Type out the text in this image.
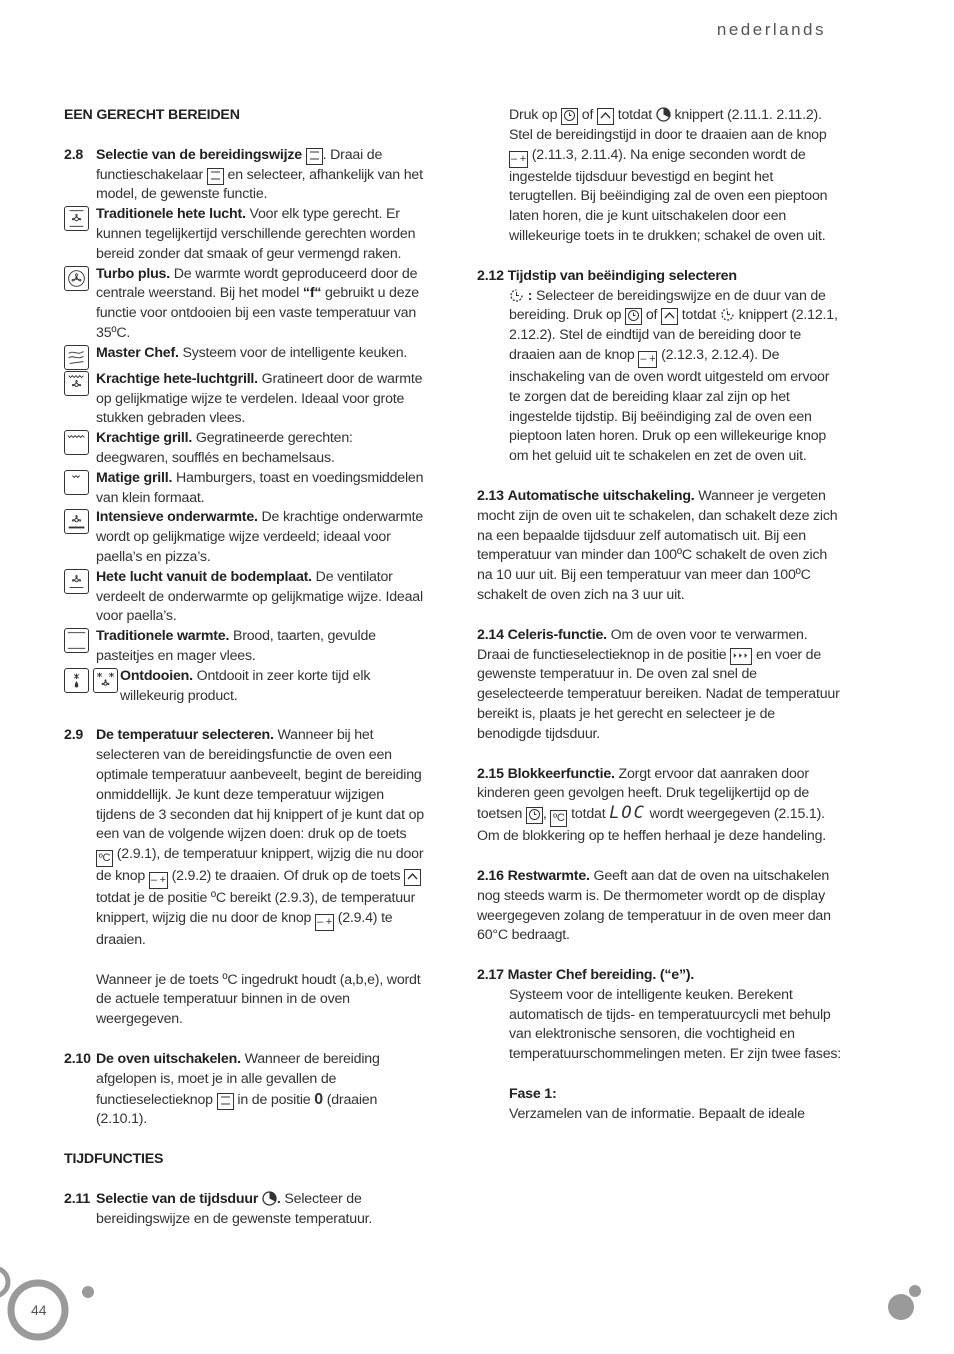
nederlands
44
EEN GERECHT BEREIDEN
2.8 Selectie van de bereidingswijze . Draai de functieschakelaar en selecteer, afhankelijk van het model, de gewenste functie.
Traditionele hete lucht. Voor elk type gerecht. Er kunnen tegelijkertijd verschillende gerechten worden bereid zonder dat smaak of geur vermengd raken.
Turbo plus. De warmte wordt geproduceerd door de centrale weerstand. Bij het model “f“ gebruikt u deze functie voor ontdooien bij een vaste temperatuur van 35ºC.
Master Chef. Systeem voor de intelligente keuken.
Krachtige hete-luchtgrill. Gratineert door de warmte op gelijkmatige wijze te verdelen. Ideaal voor grote stukken gebraden vlees.
Krachtige grill. Gegratineerde gerechten: deegwaren, soufflés en bechamelsaus.
Matige grill. Hamburgers, toast en voedingsmiddelen van klein formaat.
Intensieve onderwarmte. De krachtige onderwarmte wordt op gelijkmatige wijze verdeeld; ideaal voor paella’s en pizza’s.
Hete lucht vanuit de bodemplaat. De ventilator verdeelt de onderwarmte op gelijkmatige wijze. Ideaal voor paella’s.
Traditionele warmte. Brood, taarten, gevulde pasteitjes en mager vlees.
Ontdooien. Ontdooit in zeer korte tijd elk willekeurig product.
2.9 De temperatuur selecteren. Wanneer bij het selecteren van de bereidingsfunctie de oven een optimale temperatuur aanbeveelt, begint de bereiding onmiddellijk. Je kunt deze temperatuur wijzigen tijdens de 3 seconden dat hij knippert of je kunt dat op een van de volgende wijzen doen: druk op de toets ºC (2.9.1), de temperatuur knippert, wijzig die nu door de knop – + (2.9.2) te draaien. Of druk op de toets  totdat je de positie ºC bereikt (2.9.3), de temperatuur knippert, wijzig die nu door de knop – + (2.9.4) te draaien.
Wanneer je de toets ºC ingedrukt houdt (a,b,e), wordt de actuele temperatuur binnen in de oven weergegeven.
2.10 De oven uitschakelen. Wanneer de bereiding afgelopen is, moet je in alle gevallen de functieselectieknop in de positie 0 (draaien (2.10.1).
TIJDFUNCTIES
2.11 Selectie van de tijdsduur . Selecteer de bereidingswijze en de gewenste temperatuur.
Druk op of totdat knippert (2.11.1. 2.11.2). Stel de bereidingstijd in door te draaien aan de knop – + (2.11.3, 2.11.4). Na enige seconden wordt de ingestelde tijdsduur bevestigd en begint het terugtellen. Bij beëindiging zal de oven een pieptoon laten horen, die je kunt uitschakelen door een willekeurige toets in te drukken; schakel de oven uit.
2.12 Tijdstip van beëindiging selecteren
: Selecteer de bereidingswijze en de duur van de bereiding. Druk op of totdat knippert (2.12.1, 2.12.2). Stel de eindtijd van de bereiding door te draaien aan de knop – + (2.12.3, 2.12.4). De inschakeling van de oven wordt uitgesteld om ervoor te zorgen dat de bereiding klaar zal zijn op het ingestelde tijdstip. Bij beëindiging zal de oven een pieptoon laten horen. Druk op een willekeurige knop om het geluid uit te schakelen en zet de oven uit.
2.13 Automatische uitschakeling. Wanneer je vergeten mocht zijn de oven uit te schakelen, dan schakelt deze zich na een bepaalde tijdsduur zelf automatisch uit. Bij een temperatuur van minder dan 100ºC schakelt de oven zich na 10 uur uit. Bij een temperatuur van meer dan 100ºC schakelt de oven zich na 3 uur uit.
2.14 Celeris-functie. Om de oven voor te verwarmen. Draai de functieselectieknop in de positie en voer de gewenste temperatuur in. De oven zal snel de geselecteerde temperatuur bereiken. Nadat de temperatuur bereikt is, plaats je het gerecht en selecteer je de benodigde tijdsduur.
2.15 Blokkeerfunctie. Zorgt ervoor dat aanraken door kinderen geen gevolgen heeft. Druk tegelijkertijd op de toetsen , ºC totdat LOC wordt weergegeven (2.15.1). Om de blokkering op te heffen herhaal je deze handeling.
2.16 Restwarmte. Geeft aan dat de oven na uitschakelen nog steeds warm is. De thermometer wordt op de display weergegeven zolang de temperatuur in de oven meer dan 60°C bedraagt.
2.17 Master Chef bereiding. (“e”).
Systeem voor de intelligente keuken. Berekent automatisch de tijds- en temperatuurcycli met behulp van elektronische sensoren, die vochtigheid en temperatuurschommelingen meten. Er zijn twee fases:
Fase 1:
Verzamelen van de informatie. Bepaalt de ideale
